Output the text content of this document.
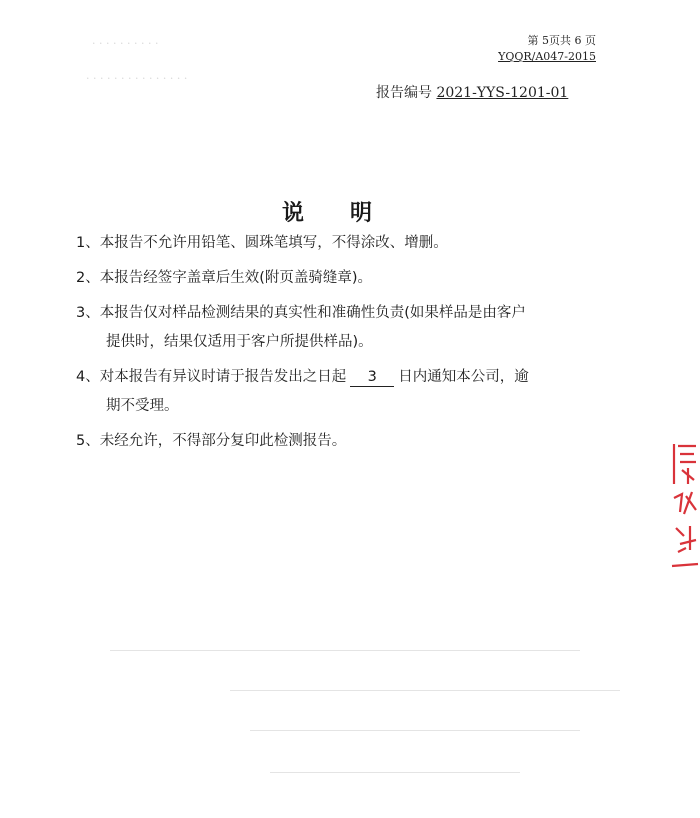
· · · · · · · · · ·
· · · · · · · · · · · · · · ·
第 5页共 6 页
YQQR/A047-2015
报告编号 2021-YYS-1201-01
说明
1、本报告不允许用铅笔、圆珠笔填写，不得涂改、增删。
2、本报告经签字盖章后生效(附页盖骑缝章)。
3、本报告仅对样品检测结果的真实性和准确性负责(如果样品是由客户
提供时，结果仅适用于客户所提供样品)。
4、对本报告有异议时请于报告发出之日起 3 日内通知本公司，逾
期不受理。
5、未经允许，不得部分复印此检测报告。
